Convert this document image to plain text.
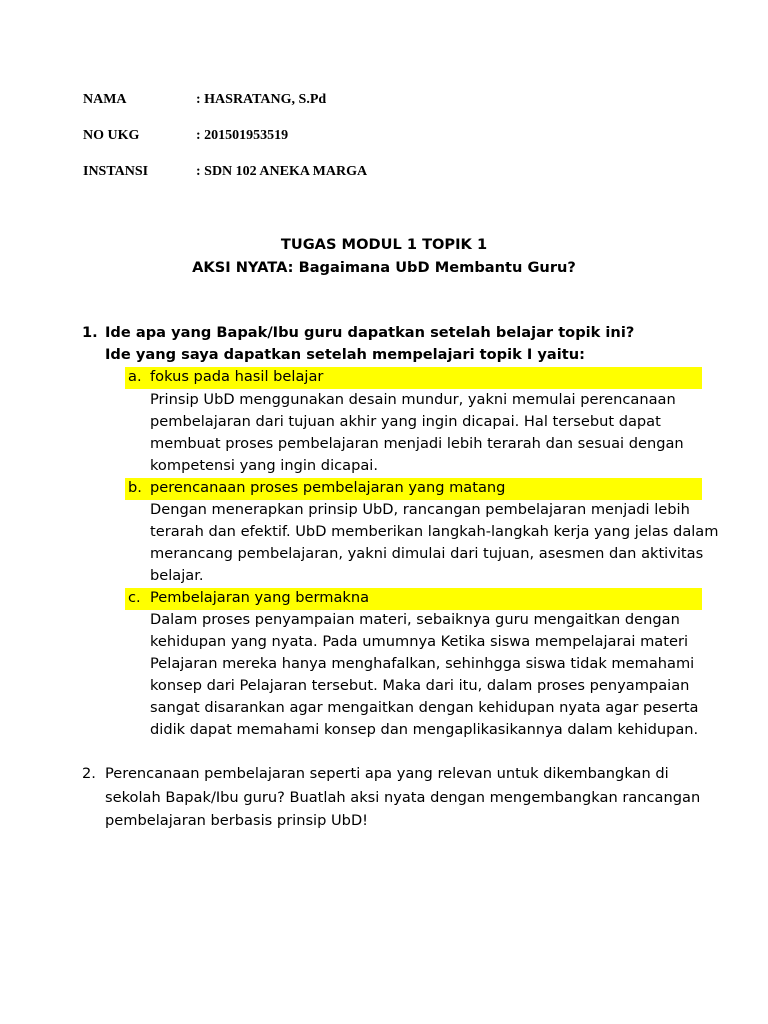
NAMA	: HASRATANG, S.Pd
NO UKG	: 201501953519
INSTANSI	: SDN 102 ANEKA MARGA
TUGAS MODUL 1 TOPIK 1
AKSI NYATA: Bagaimana UbD Membantu Guru?
1. Ide apa yang Bapak/Ibu guru dapatkan setelah belajar topik ini?
Ide yang saya dapatkan setelah mempelajari topik I yaitu:
a. fokus pada hasil belajar
Prinsip UbD menggunakan desain mundur, yakni memulai perencanaan
pembelajaran dari tujuan akhir yang ingin dicapai. Hal tersebut dapat
membuat proses pembelajaran menjadi lebih terarah dan sesuai dengan
kompetensi yang ingin dicapai.
b. perencanaan proses pembelajaran yang matang
Dengan menerapkan prinsip UbD, rancangan pembelajaran menjadi lebih
terarah dan efektif. UbD memberikan langkah-langkah kerja yang jelas dalam
merancang pembelajaran, yakni dimulai dari tujuan, asesmen dan aktivitas
belajar.
c. Pembelajaran yang bermakna
Dalam proses penyampaian materi, sebaiknya guru mengaitkan dengan
kehidupan yang nyata. Pada umumnya Ketika siswa mempelajarai materi
Pelajaran mereka hanya menghafalkan, sehinhgga siswa tidak memahami
konsep dari Pelajaran tersebut. Maka dari itu, dalam proses penyampaian
sangat disarankan agar mengaitkan dengan kehidupan nyata agar peserta
didik dapat memahami konsep dan mengaplikasikannya dalam kehidupan.
2. Perencanaan pembelajaran seperti apa yang relevan untuk dikembangkan di
sekolah Bapak/Ibu guru? Buatlah aksi nyata dengan mengembangkan rancangan
pembelajaran berbasis prinsip UbD!
